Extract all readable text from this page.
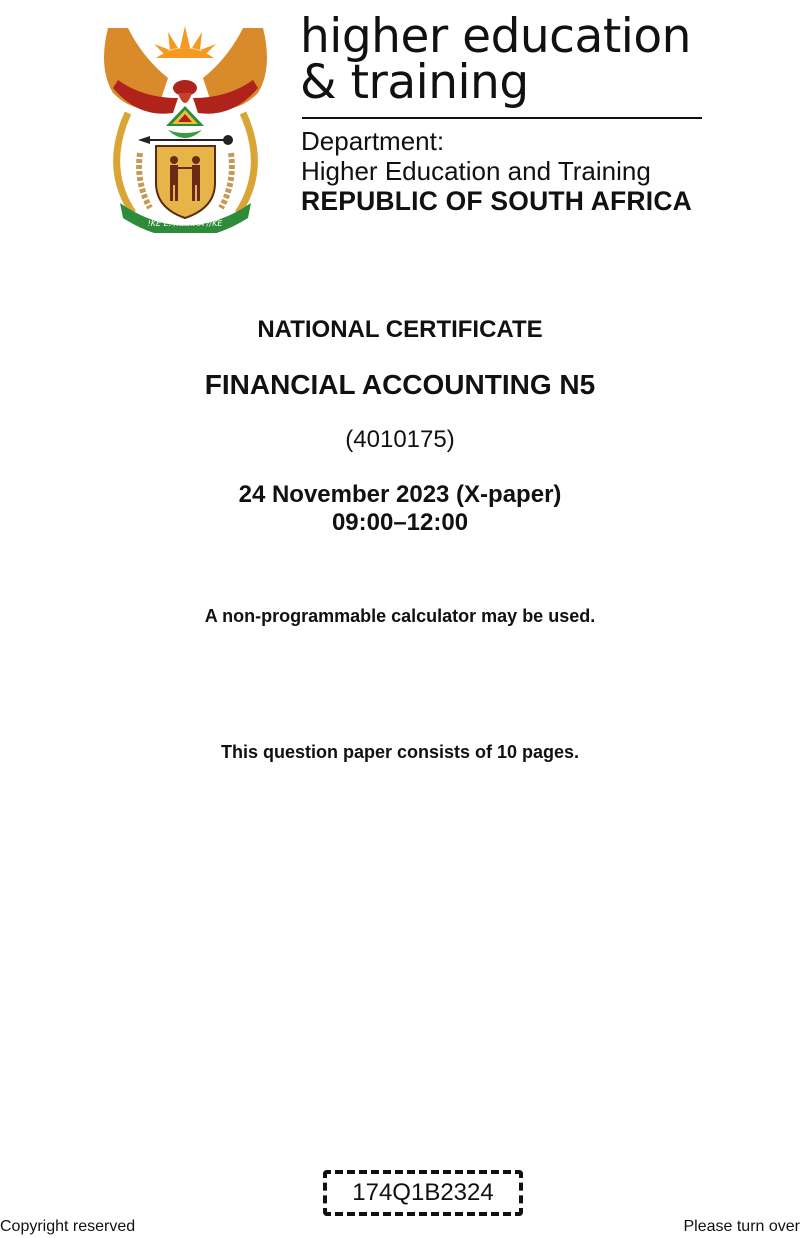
!KE E: /XARRA //KE
higher education
& training
Department:
Higher Education and Training
REPUBLIC OF SOUTH AFRICA
NATIONAL CERTIFICATE
FINANCIAL ACCOUNTING N5
(4010175)
24 November 2023 (X-paper)
09:00–12:00
A non-programmable calculator may be used.
This question paper consists of 10 pages.
174Q1B2324
Copyright reserved	Please turn over
